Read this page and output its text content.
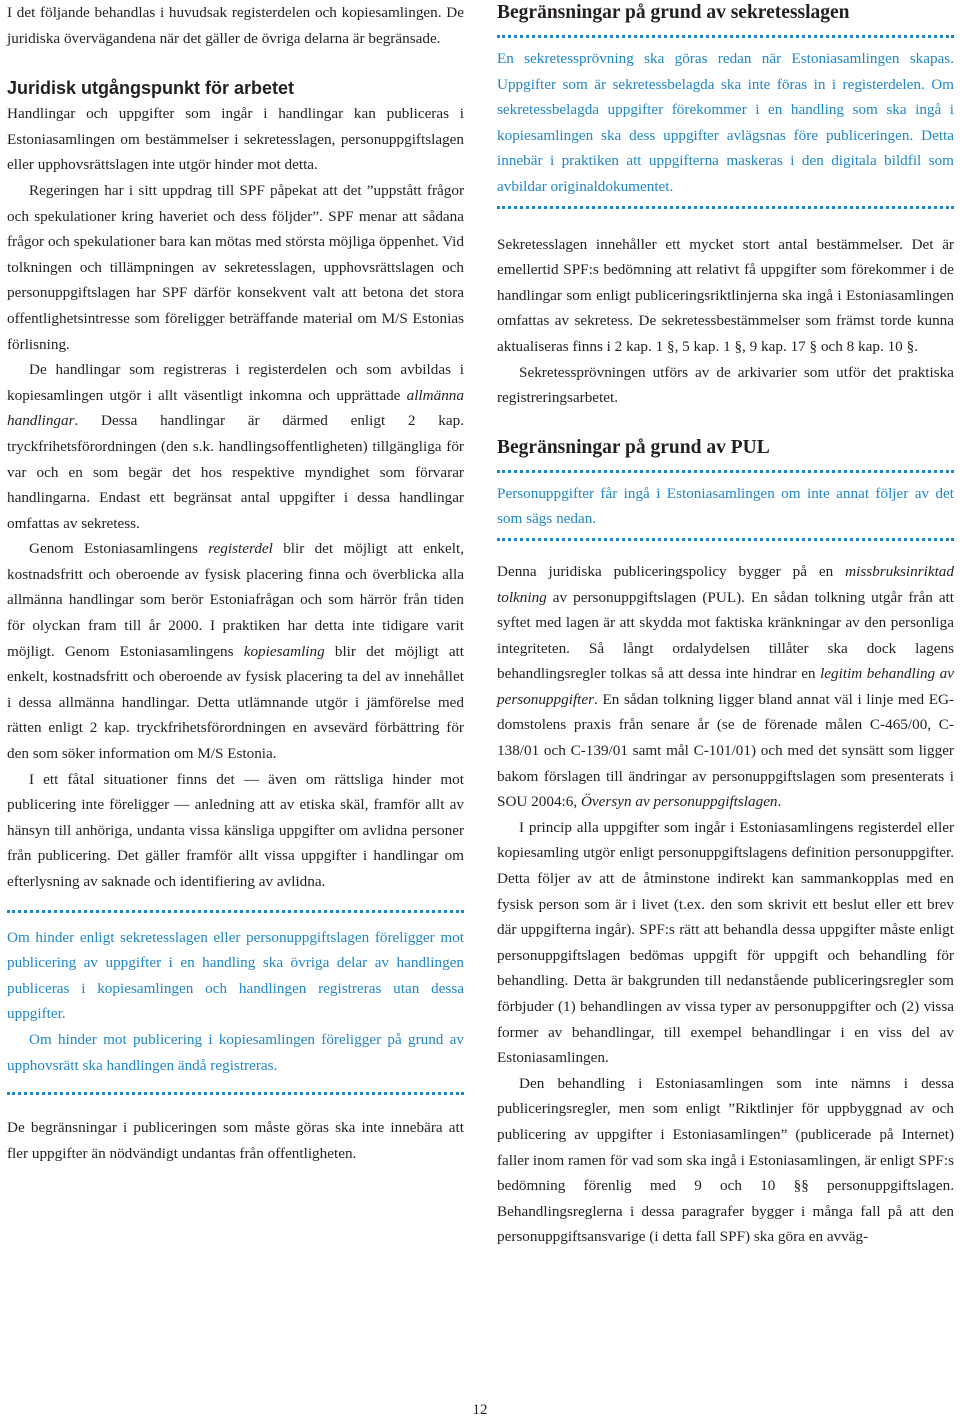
I det följande behandlas i huvudsak registerdelen och kopiesamlingen. De juridiska övervägandena när det gäller de övriga delarna är begränsade.

Juridisk utgångspunkt för arbetet

Handlingar och uppgifter som ingår i handlingar kan publiceras i Estoniasamlingen om bestämmelser i sekretesslagen, personuppgiftslagen eller upphovsrättslagen inte utgör hinder mot detta.

Regeringen har i sitt uppdrag till SPF påpekat att det ”uppstått frågor och spekulationer kring haveriet och dess följder”. SPF menar att sådana frågor och spekulationer bara kan mötas med största möjliga öppenhet. Vid tolkningen och tillämpningen av sekretesslagen, upphovsrättslagen och personuppgiftslagen har SPF därför konsekvent valt att betona det stora offentlighetsintresse som föreligger beträffande material om M/S Estonias förlisning.

De handlingar som registreras i registerdelen och som avbildas i kopiesamlingen utgör i allt väsentligt inkomna och upprättade allmänna handlingar. Dessa handlingar är därmed enligt 2 kap. tryckfrihetsförordningen (den s.k. handlingsoffentligheten) tillgängliga för var och en som begär det hos respektive myndighet som förvarar handlingarna. Endast ett begränsat antal uppgifter i dessa handlingar omfattas av sekretess.

Genom Estoniasamlingens registerdel blir det möjligt att enkelt, kostnadsfritt och oberoende av fysisk placering finna och överblicka alla allmänna handlingar som berör Estoniafrågan och som härrör från tiden för olyckan fram till år 2000. I praktiken har detta inte tidigare varit möjligt. Genom Estoniasamlingens kopiesamling blir det möjligt att enkelt, kostnadsfritt och oberoende av fysisk placering ta del av innehållet i dessa allmänna handlingar. Detta utlämnande utgör i jämförelse med rätten enligt 2 kap. tryckfrihetsförordningen en avsevärd förbättring för den som söker information om M/S Estonia.

I ett fåtal situationer finns det — även om rättsliga hinder mot publicering inte föreligger — anledning att av etiska skäl, framför allt av hänsyn till anhöriga, undanta vissa känsliga uppgifter om avlidna personer från publicering. Det gäller framför allt vissa uppgifter i handlingar om efterlysning av saknade och identifiering av avlidna.

Om hinder enligt sekretesslagen eller personuppgiftslagen föreligger mot publicering av uppgifter i en handling ska övriga delar av handlingen publiceras i kopiesamlingen och handlingen registreras utan dessa uppgifter.

Om hinder mot publicering i kopiesamlingen föreligger på grund av upphovsrätt ska handlingen ändå registreras.

De begränsningar i publiceringen som måste göras ska inte innebära att fler uppgifter än nödvändigt undantas från offentligheten.

Begränsningar på grund av sekretesslagen

En sekretessprövning ska göras redan när Estoniasamlingen skapas. Uppgifter som är sekretessbelagda ska inte föras in i registerdelen. Om sekretessbelagda uppgifter förekommer i en handling som ska ingå i kopiesamlingen ska dess uppgifter avlägsnas före publiceringen. Detta innebär i praktiken att uppgifterna maskeras i den digitala bildfil som avbildar originaldokumentet.

Sekretesslagen innehåller ett mycket stort antal bestämmelser. Det är emellertid SPF:s bedömning att relativt få uppgifter som förekommer i de handlingar som enligt publiceringsriktlinjerna ska ingå i Estoniasamlingen omfattas av sekretess. De sekretessbestämmelser som främst torde kunna aktualiseras finns i 2 kap. 1 §, 5 kap. 1 §, 9 kap. 17 § och 8 kap. 10 §.

Sekretessprövningen utförs av de arkivarier som utför det praktiska registreringsarbetet.

Begränsningar på grund av PUL

Personuppgifter får ingå i Estoniasamlingen om inte annat följer av det som sägs nedan.

Denna juridiska publiceringspolicy bygger på en missbruksinriktad tolkning av personuppgiftslagen (PUL). En sådan tolkning utgår från att syftet med lagen är att skydda mot faktiska kränkningar av den personliga integriteten. Så långt ordalydelsen tillåter ska dock lagens behandlingsregler tolkas så att dessa inte hindrar en legitim behandling av personuppgifter. En sådan tolkning ligger bland annat väl i linje med EG-domstolens praxis från senare år (se de förenade målen C-465/00, C-138/01 och C-139/01 samt mål C-101/01) och med det synsätt som ligger bakom förslagen till ändringar av personuppgiftslagen som presenterats i SOU 2004:6, Översyn av personuppgiftslagen.

I princip alla uppgifter som ingår i Estoniasamlingens registerdel eller kopiesamling utgör enligt personuppgiftslagens definition personuppgifter. Detta följer av att de åtminstone indirekt kan sammankopplas med en fysisk person som är i livet (t.ex. den som skrivit ett beslut eller ett brev där uppgifterna ingår). SPF:s rätt att behandla dessa uppgifter måste enligt personuppgiftslagen bedömas uppgift för uppgift och behandling för behandling. Detta är bakgrunden till nedanstående publiceringsregler som förbjuder (1) behandlingen av vissa typer av personuppgifter och (2) vissa former av behandlingar, till exempel behandlingar i en viss del av Estoniasamlingen.

Den behandling i Estoniasamlingen som inte nämns i dessa publiceringsregler, men som enligt ”Riktlinjer för uppbyggnad av och publicering av uppgifter i Estoniasamlingen” (publicerade på Internet) faller inom ramen för vad som ska ingå i Estoniasamlingen, är enligt SPF:s bedömning förenlig med 9 och 10 §§ personuppgiftslagen. Behandlingsreglerna i dessa paragrafer bygger i många fall på att den personuppgiftsansvarige (i detta fall SPF) ska göra en avväg-

12
